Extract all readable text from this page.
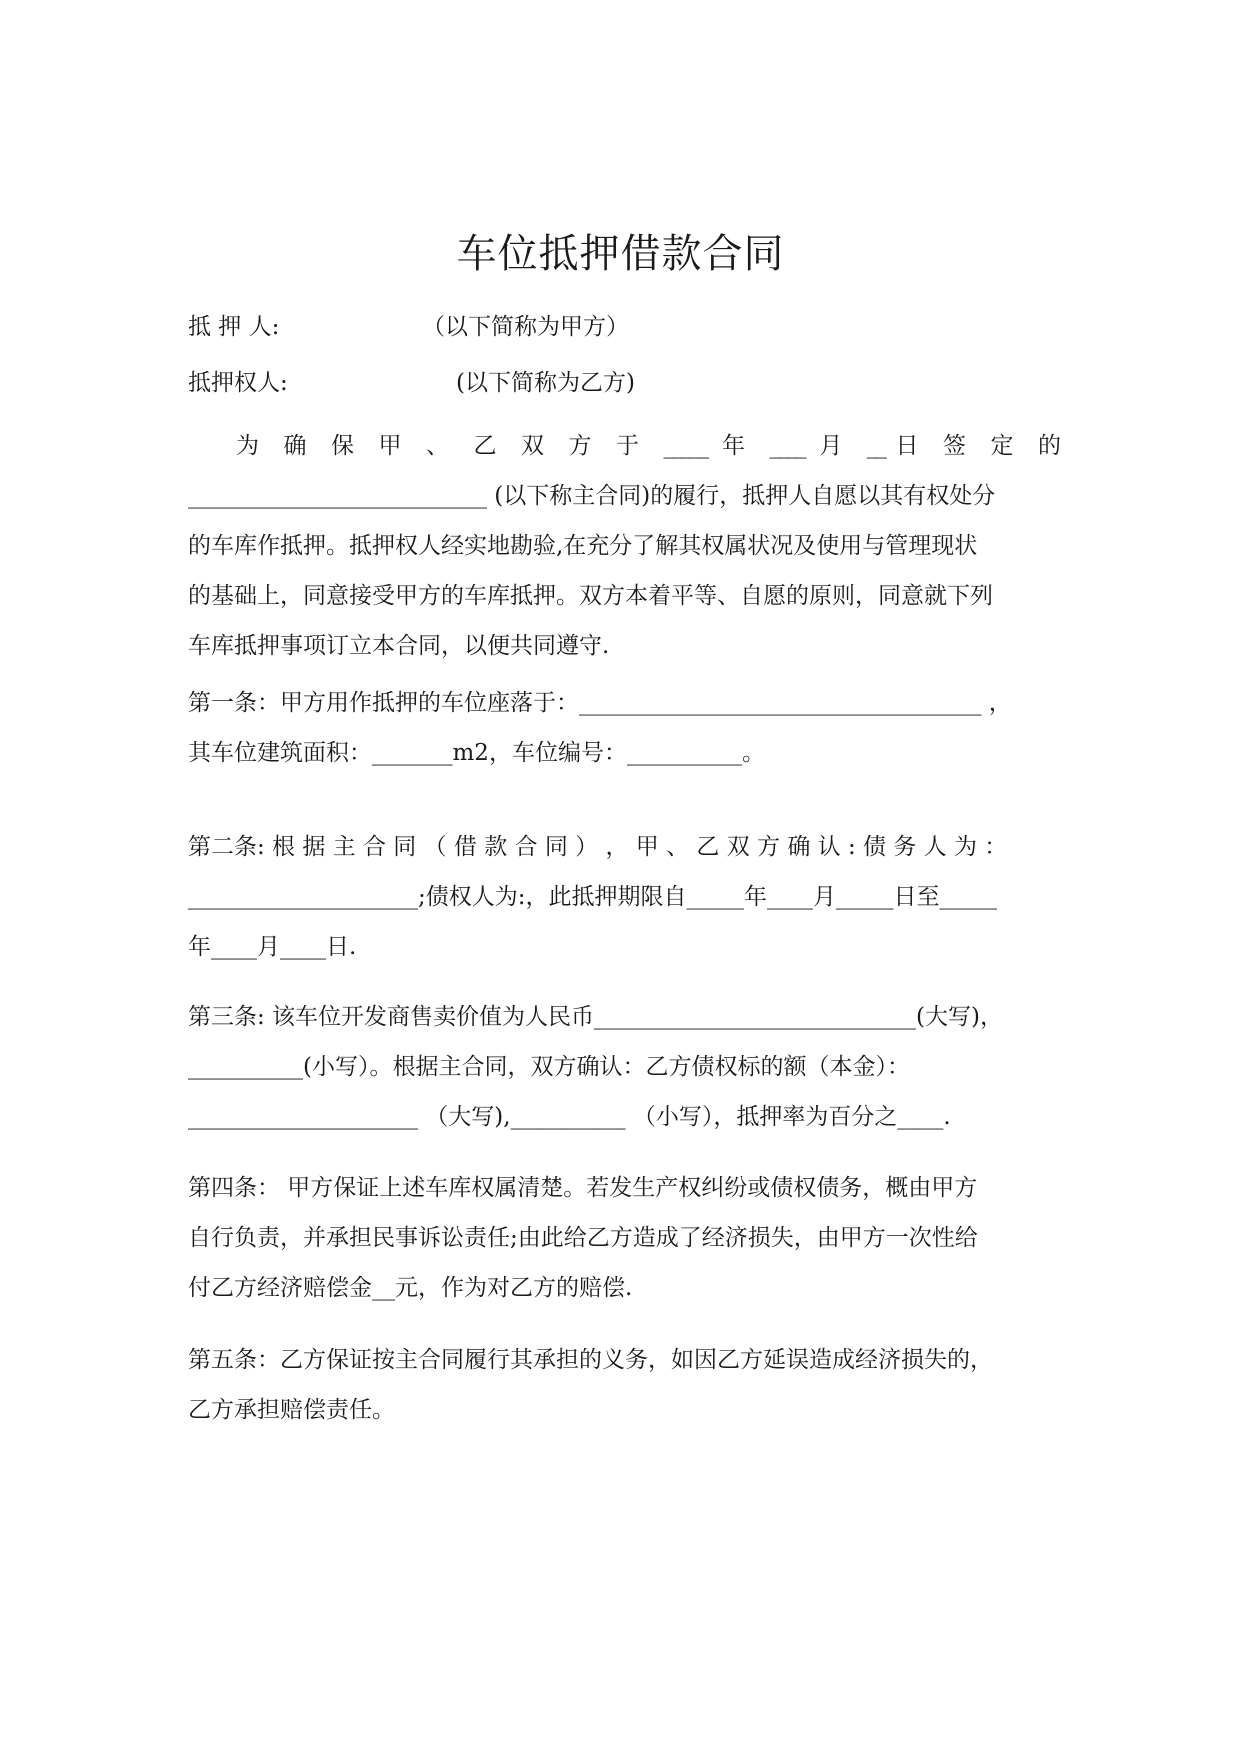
车位抵押借款合同
抵 押 人:	（以下简称为甲方）
抵押权人:	(以下简称为乙方)
为 确 保 甲 、 乙 双 方 于 _____ 年 ____ 月 __日 签 定 的
__________________________ (以下称主合同)的履行，抵押人自愿以其有权处分
的车库作抵押。抵押权人经实地勘验,在充分了解其权属状况及使用与管理现状
的基础上，同意接受甲方的车库抵押。双方本着平等、自愿的原则，同意就下列
车库抵押事项订立本合同，以便共同遵守.
第一条：甲方用作抵押的车位座落于：___________________________________ ，
其车位建筑面积：_______m2，车位编号：__________。
第二条: 根 据 主 合 同 （ 借 款 合 同 ） ， 甲 、 乙 双 方 确 认 : 债 务 人 为 ：
____________________;债权人为:，此抵押期限自_____年____月_____日至_____
年____月____日.
第三条: 该车位开发商售卖价值为人民币____________________________(大写)，
__________(小写）。根据主合同，双方确认：乙方债权标的额（本金）：
____________________ （大写),__________ （小写），抵押率为百分之____.
第四条： 甲方保证上述车库权属清楚。若发生产权纠纷或债权债务，概由甲方
自行负责，并承担民事诉讼责任;由此给乙方造成了经济损失，由甲方一次性给
付乙方经济赔偿金__元，作为对乙方的赔偿.
第五条：乙方保证按主合同履行其承担的义务，如因乙方延误造成经济损失的，
乙方承担赔偿责任。
